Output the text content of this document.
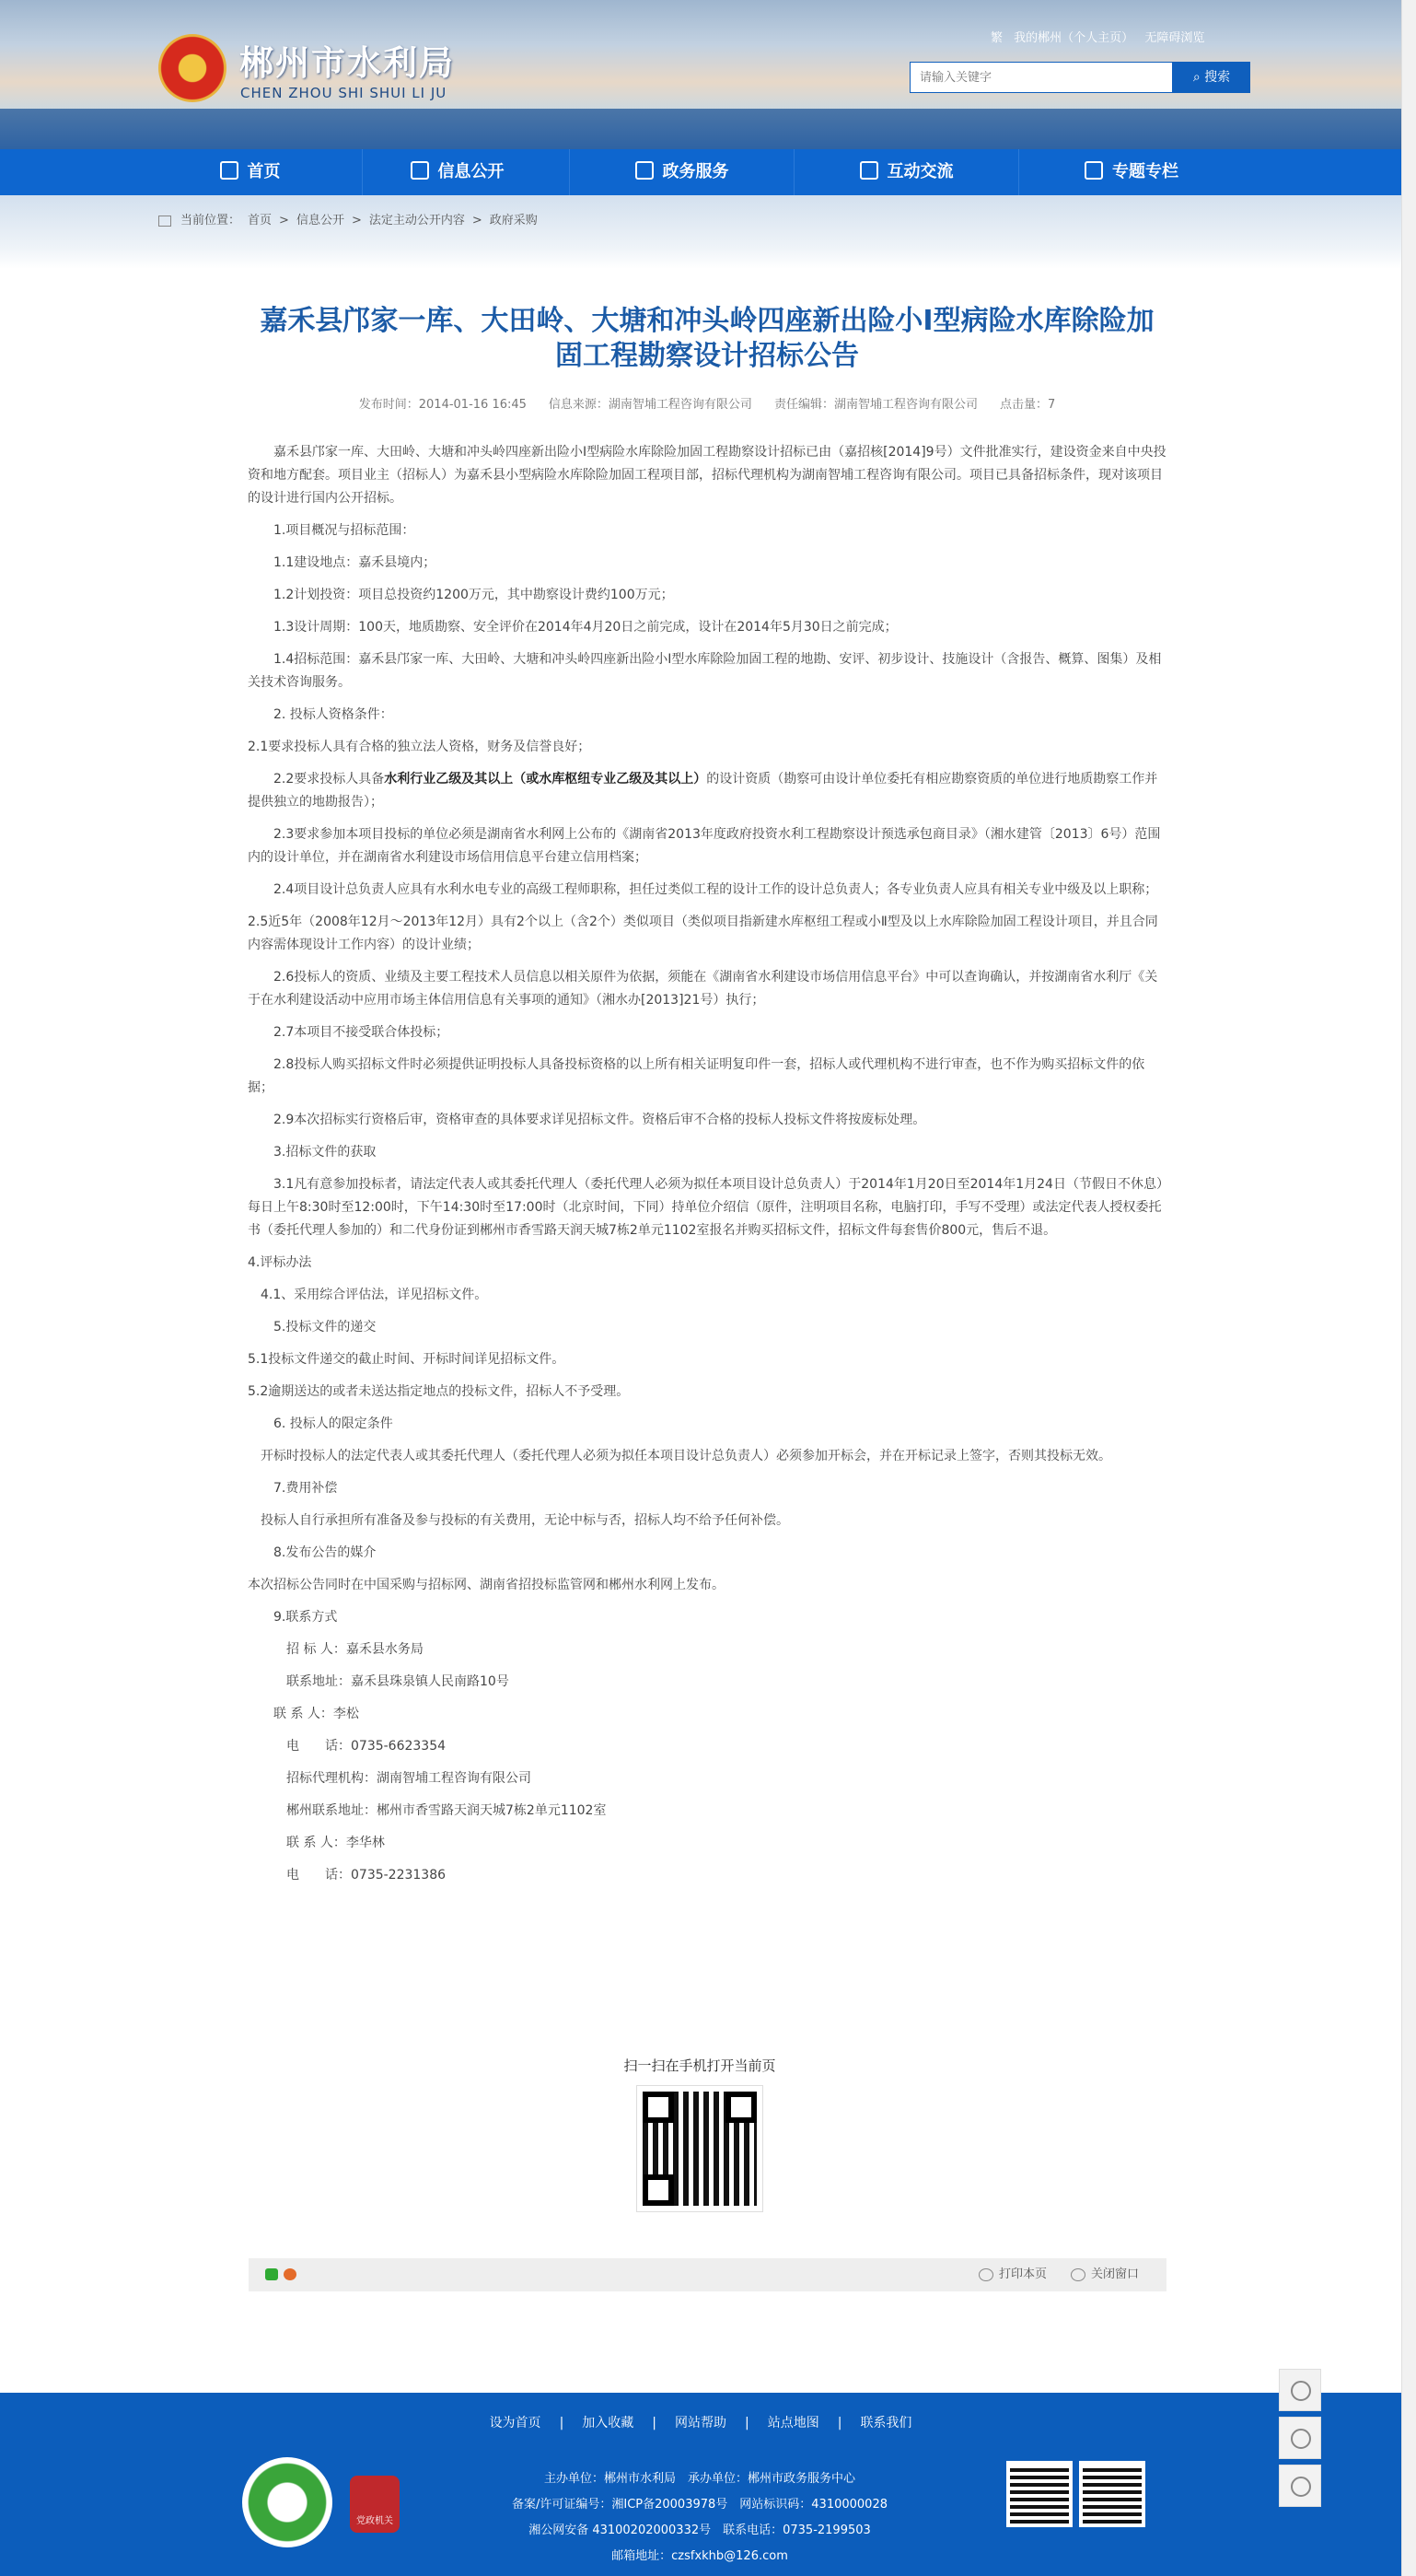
郴州市水利局
CHEN ZHOU SHI SHUI LI JU
繁 我的郴州（个人主页） 无障碍浏览
请输入关键字
⌕ 搜索
首页	信息公开	政务服务	互动交流	专题专栏
当前位置： 首页 > 信息公开 > 法定主动公开内容 > 政府采购
嘉禾县邝家一库、大田岭、大塘和冲头岭四座新出险小Ⅰ型病险水库除险加固工程勘察设计招标公告
发布时间：2014-01-16 16:45 信息来源：湖南智埔工程咨询有限公司 责任编辑：湖南智埔工程咨询有限公司 点击量：7

　　嘉禾县邝家一库、大田岭、大塘和冲头岭四座新出险小Ⅰ型病险水库除险加固工程勘察设计招标已由（嘉招核[2014]9号）文件批准实行，建设资金来自中央投资和地方配套。项目业主（招标人）为嘉禾县小型病险水库除险加固工程项目部，招标代理机构为湖南智埔工程咨询有限公司。项目已具备招标条件，现对该项目的设计进行国内公开招标。

　　1.项目概况与招标范围：

　　1.1建设地点：嘉禾县境内；

　　1.2计划投资：项目总投资约1200万元，其中勘察设计费约100万元；

　　1.3设计周期：100天，地质勘察、安全评价在2014年4月20日之前完成，设计在2014年5月30日之前完成；

　　1.4招标范围：嘉禾县邝家一库、大田岭、大塘和冲头岭四座新出险小Ⅰ型水库除险加固工程的地勘、安评、初步设计、技施设计（含报告、概算、图集）及相关技术咨询服务。

　　2. 投标人资格条件：

2.1要求投标人具有合格的独立法人资格，财务及信誉良好；

　　2.2要求投标人具备水利行业乙级及其以上（或水库枢纽专业乙级及其以上）的设计资质（勘察可由设计单位委托有相应勘察资质的单位进行地质勘察工作并提供独立的地勘报告）；

　　2.3要求参加本项目投标的单位必须是湖南省水利网上公布的《湖南省2013年度政府投资水利工程勘察设计预选承包商目录》（湘水建管〔2013〕6号）范围内的设计单位，并在湖南省水利建设市场信用信息平台建立信用档案；

　　2.4项目设计总负责人应具有水利水电专业的高级工程师职称，担任过类似工程的设计工作的设计总负责人；各专业负责人应具有相关专业中级及以上职称；

2.5近5年（2008年12月～2013年12月）具有2个以上（含2个）类似项目（类似项目指新建水库枢纽工程或小Ⅱ型及以上水库除险加固工程设计项目，并且合同内容需体现设计工作内容）的设计业绩；

　　2.6投标人的资质、业绩及主要工程技术人员信息以相关原件为依据，须能在《湖南省水利建设市场信用信息平台》中可以查询确认，并按湖南省水利厅《关于在水利建设活动中应用市场主体信用信息有关事项的通知》（湘水办[2013]21号）执行；

　　2.7本项目不接受联合体投标；

　　2.8投标人购买招标文件时必须提供证明投标人具备投标资格的以上所有相关证明复印件一套，招标人或代理机构不进行审查，也不作为购买招标文件的依据；

　　2.9本次招标实行资格后审，资格审查的具体要求详见招标文件。资格后审不合格的投标人投标文件将按废标处理。

　　3.招标文件的获取

　　3.1凡有意参加投标者，请法定代表人或其委托代理人（委托代理人必须为拟任本项目设计总负责人）于2014年1月20日至2014年1月24日（节假日不休息）每日上午8:30时至12:00时，下午14:30时至17:00时（北京时间，下同）持单位介绍信（原件，注明项目名称，电脑打印，手写不受理）或法定代表人授权委托书（委托代理人参加的）和二代身份证到郴州市香雪路天润天城7栋2单元1102室报名并购买招标文件，招标文件每套售价800元，售后不退。

4.评标办法

　4.1、采用综合评估法，详见招标文件。

　　5.投标文件的递交

5.1投标文件递交的截止时间、开标时间详见招标文件。

5.2逾期送达的或者未送达指定地点的投标文件，招标人不予受理。

　　6. 投标人的限定条件

　开标时投标人的法定代表人或其委托代理人（委托代理人必须为拟任本项目设计总负责人）必须参加开标会，并在开标记录上签字，否则其投标无效。

　　7.费用补偿

　投标人自行承担所有准备及参与投标的有关费用，无论中标与否，招标人均不给予任何补偿。

　　8.发布公告的媒介

本次招标公告同时在中国采购与招标网、湖南省招投标监管网和郴州水利网上发布。

　　9.联系方式

　　　招 标 人：嘉禾县水务局

　　　联系地址：嘉禾县珠泉镇人民南路10号

　　联 系 人：李松

　　　电　　话：0735-6623354

　　　招标代理机构：湖南智埔工程咨询有限公司

　　　郴州联系地址：郴州市香雪路天润天城7栋2单元1102室

　　　联 系 人：李华林

　　　电　　话：0735-2231386

扫一扫在手机打开当前页
打印本页	关闭窗口
设为首页 | 加入收藏 | 网站帮助 | 站点地图 | 联系我们
党政机关
主办单位：郴州市水利局　承办单位：郴州市政务服务中心
备案/许可证编号：湘ICP备20003978号　网站标识码：4310000028
湘公网安备 43100202000332号　联系电话：0735-2199503
邮箱地址：czsfxkhb@126.com
